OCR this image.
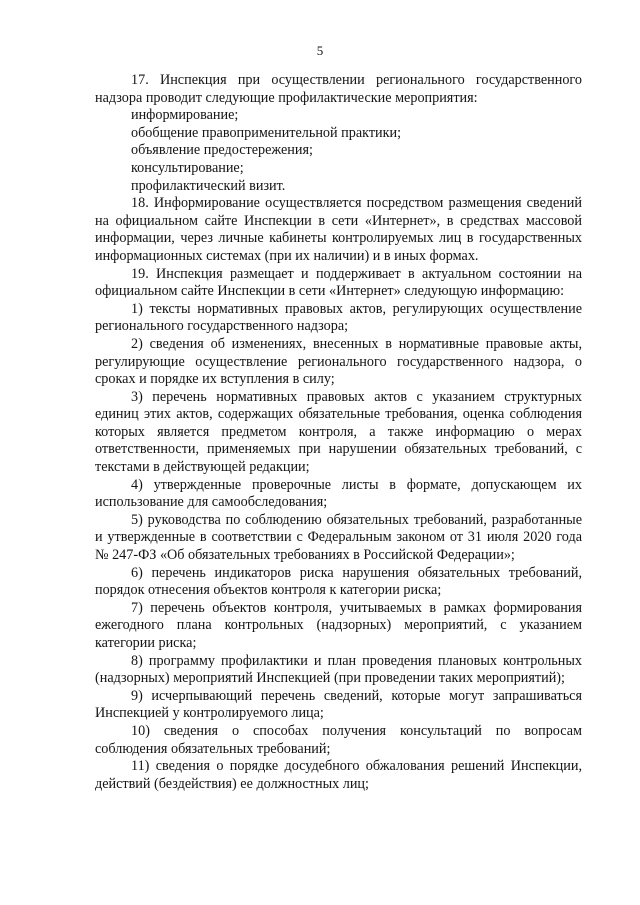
5

17. Инспекция при осуществлении регионального государственного надзора проводит следующие профилактические мероприятия:

информирование;

обобщение правоприменительной практики;

объявление предостережения;

консультирование;

профилактический визит.

18. Информирование осуществляется посредством размещения сведений на официальном сайте Инспекции в сети «Интернет», в средствах массовой информации, через личные кабинеты контролируемых лиц в государственных информационных системах (при их наличии) и в иных формах.

19. Инспекция размещает и поддерживает в актуальном состоянии на официальном сайте Инспекции в сети «Интернет» следующую информацию:

1) тексты нормативных правовых актов, регулирующих осуществление регионального государственного надзора;

2) сведения об изменениях, внесенных в нормативные правовые акты, регулирующие осуществление регионального государственного надзора, о сроках и порядке их вступления в силу;

3) перечень нормативных правовых актов с указанием структурных единиц этих актов, содержащих обязательные требования, оценка соблюдения которых является предметом контроля, а также информацию о мерах ответственности, применяемых при нарушении обязательных требований, с текстами в действующей редакции;

4) утвержденные проверочные листы в формате, допускающем их использование для самообследования;

5) руководства по соблюдению обязательных требований, разработанные и утвержденные в соответствии с Федеральным законом от 31 июля 2020 года № 247-ФЗ «Об обязательных требованиях в Российской Федерации»;

6) перечень индикаторов риска нарушения обязательных требований, порядок отнесения объектов контроля к категории риска;

7) перечень объектов контроля, учитываемых в рамках формирования ежегодного плана контрольных (надзорных) мероприятий, с указанием категории риска;

8) программу профилактики и план проведения плановых контрольных (надзорных) мероприятий Инспекцией (при проведении таких мероприятий);

9) исчерпывающий перечень сведений, которые могут запрашиваться Инспекцией у контролируемого лица;

10) сведения о способах получения консультаций по вопросам соблюдения обязательных требований;

11) сведения о порядке досудебного обжалования решений Инспекции, действий (бездействия) ее должностных лиц;
